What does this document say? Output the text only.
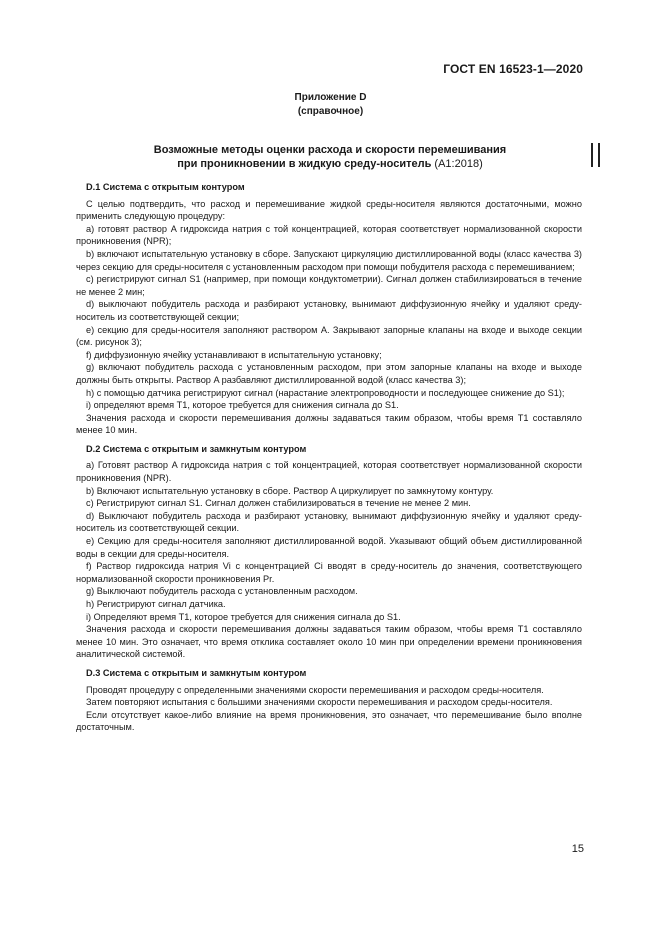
ГОСТ EN 16523-1—2020
Приложение D
(справочное)
Возможные методы оценки расхода и скорости перемешивания
при проникновении в жидкую среду-носитель (А1:2018)

D.1 Система с открытым контуром

С целью подтвердить, что расход и перемешивание жидкой среды-носителя являются достаточными, можно применить следующую процедуру:

a) готовят раствор A гидроксида натрия с той концентрацией, которая соответствует нормализованной скорости проникновения (NPR);

b) включают испытательную установку в сборе. Запускают циркуляцию дистиллированной воды (класс качества 3) через секцию для среды-носителя с установленным расходом при помощи побудителя расхода с перемешиванием;

c) регистрируют сигнал S1 (например, при помощи кондуктометрии). Сигнал должен стабилизироваться в течение не менее 2 мин;

d) выключают побудитель расхода и разбирают установку, вынимают диффузионную ячейку и удаляют среду-носитель из соответствующей секции;

e) секцию для среды-носителя заполняют раствором A. Закрывают запорные клапаны на входе и выходе секции (см. рисунок 3);

f) диффузионную ячейку устанавливают в испытательную установку;

g) включают побудитель расхода с установленным расходом, при этом запорные клапаны на входе и выходе должны быть открыты. Раствор A разбавляют дистиллированной водой (класс качества 3);

h) с помощью датчика регистрируют сигнал (нарастание электропроводности и последующее снижение до S1);

i) определяют время T1, которое требуется для снижения сигнала до S1.

Значения расхода и скорости перемешивания должны задаваться таким образом, чтобы время T1 составляло менее 10 мин.

D.2 Система с открытым и замкнутым контуром

a) Готовят раствор A гидроксида натрия с той концентрацией, которая соответствует нормализованной скорости проникновения (NPR).

b) Включают испытательную установку в сборе. Раствор A циркулирует по замкнутому контуру.

c) Регистрируют сигнал S1. Сигнал должен стабилизироваться в течение не менее 2 мин.

d) Выключают побудитель расхода и разбирают установку, вынимают диффузионную ячейку и удаляют среду-носитель из соответствующей секции.

e) Секцию для среды-носителя заполняют дистиллированной водой. Указывают общий объем дистиллированной воды в секции для среды-носителя.

f) Раствор гидроксида натрия Vi с концентрацией Ci вводят в среду-носитель до значения, соответствующего нормализованной скорости проникновения Pr.

g) Выключают побудитель расхода с установленным расходом.

h) Регистрируют сигнал датчика.

i) Определяют время T1, которое требуется для снижения сигнала до S1.

Значения расхода и скорости перемешивания должны задаваться таким образом, чтобы время T1 составляло менее 10 мин. Это означает, что время отклика составляет около 10 мин при определении времени проникновения аналитической системой.

D.3 Система с открытым и замкнутым контуром

Проводят процедуру с определенными значениями скорости перемешивания и расходом среды-носителя.

Затем повторяют испытания с большими значениями скорости перемешивания и расходом среды-носителя.

Если отсутствует какое-либо влияние на время проникновения, это означает, что перемешивание было вполне достаточным.

15
